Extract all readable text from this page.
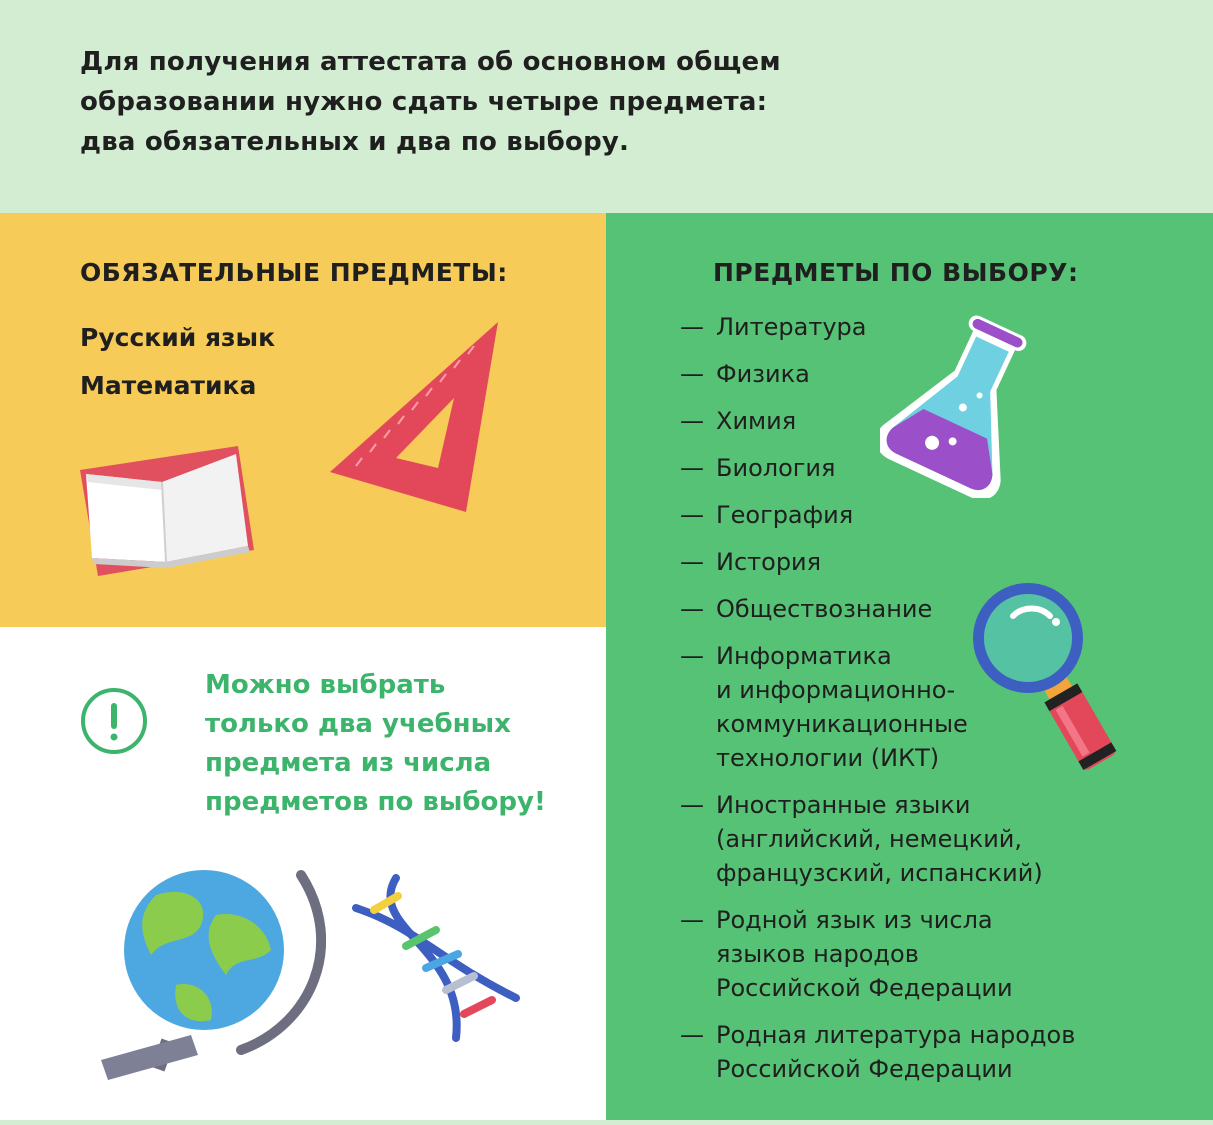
Для получения аттестата об основном общем
образовании нужно сдать четыре предмета:
два обязательных и два по выбору.
ОБЯЗАТЕЛЬНЫЕ ПРЕДМЕТЫ:
Русский язык
Математика
Можно выбрать
только два учебных
предмета из числа
предметов по выбору!
ПРЕДМЕТЫ ПО ВЫБОРУ:
— Литература
— Физика
— Химия
— Биология
— География
— История
— Обществознание
— Информатика
и информационно-
коммуникационные
технологии (ИКТ)
— Иностранные языки
(английский, немецкий,
французский, испанский)
— Родной язык из числа
языков народов
Российской Федерации
— Родная литература народов
Российской Федерации
